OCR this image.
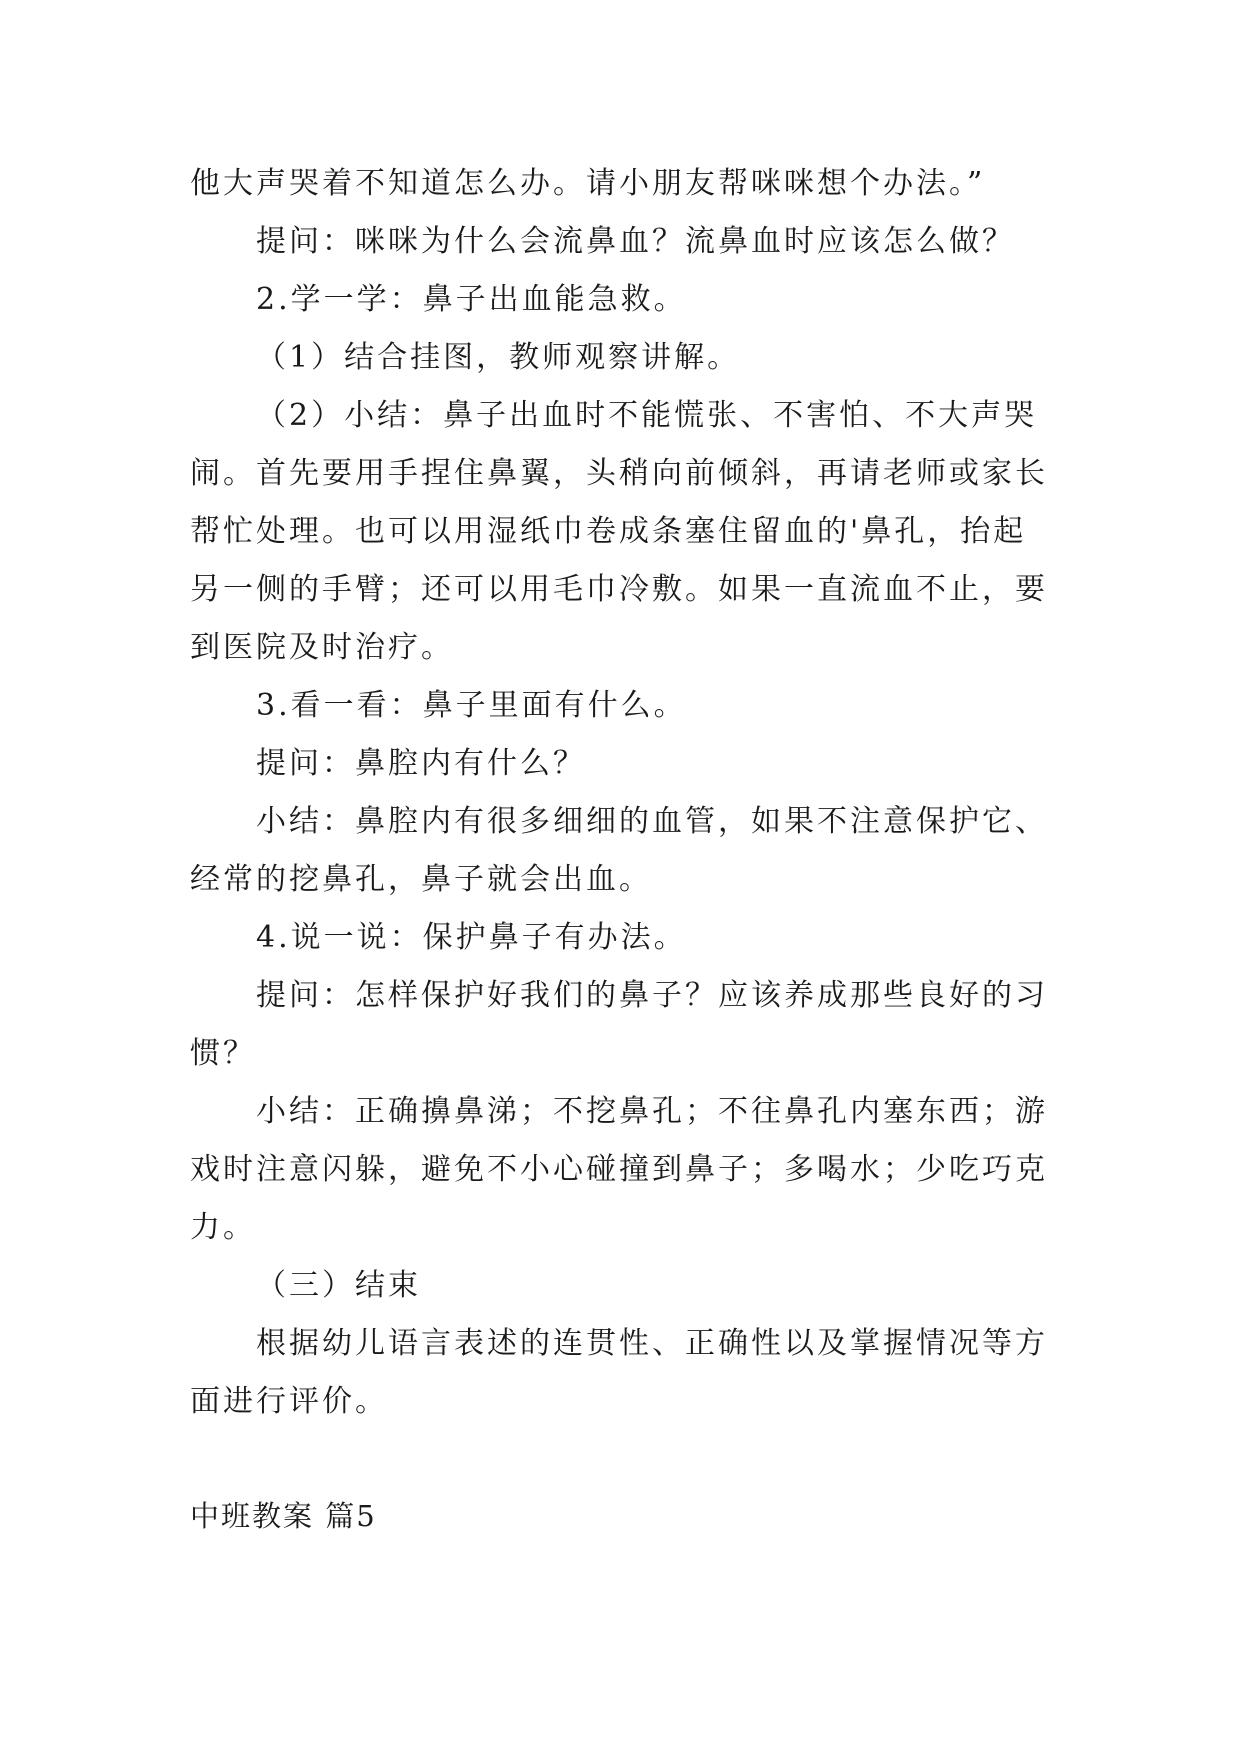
他大声哭着不知道怎么办。请小朋友帮咪咪想个办法。”
提问：咪咪为什么会流鼻血？流鼻血时应该怎么做？
2.学一学：鼻子出血能急救。
（1）结合挂图，教师观察讲解。
（2）小结：鼻子出血时不能慌张、不害怕、不大声哭
闹。首先要用手捏住鼻翼，头稍向前倾斜，再请老师或家长
帮忙处理。也可以用湿纸巾卷成条塞住留血的'鼻孔，抬起
另一侧的手臂；还可以用毛巾冷敷。如果一直流血不止，要
到医院及时治疗。
3.看一看：鼻子里面有什么。
提问：鼻腔内有什么？
小结：鼻腔内有很多细细的血管，如果不注意保护它、
经常的挖鼻孔，鼻子就会出血。
4.说一说：保护鼻子有办法。
提问：怎样保护好我们的鼻子？应该养成那些良好的习
惯？
小结：正确擤鼻涕；不挖鼻孔；不往鼻孔内塞东西；游
戏时注意闪躲，避免不小心碰撞到鼻子；多喝水；少吃巧克
力。
（三）结束
根据幼儿语言表述的连贯性、正确性以及掌握情况等方
面进行评价。
中班教案 篇5
